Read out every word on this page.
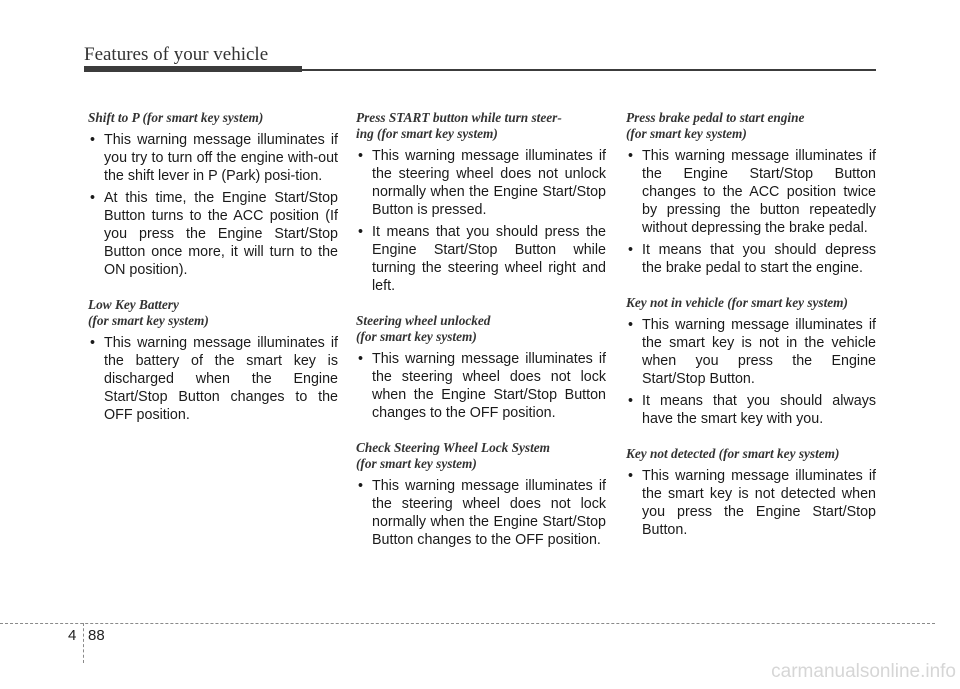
Features of your vehicle
Shift to P (for smart key system)
• This warning message illuminates if you try to turn off the engine with-out the shift lever in P (Park) posi-tion.
• At this time, the Engine Start/Stop Button turns to the ACC position (If you press the Engine Start/Stop Button once more, it will turn to the ON position).
Low Key Battery
(for smart key system)
• This warning message illuminates if the battery of the smart key is discharged when the Engine Start/Stop Button changes to the OFF position.
Press START button while turn steer-
ing (for smart key system)
• This warning message illuminates if the steering wheel does not unlock normally when the Engine Start/Stop Button is pressed.
• It means that you should press the Engine Start/Stop Button while turning the steering wheel right and left.
Steering wheel unlocked
(for smart key system)
• This warning message illuminates if the steering wheel does not lock when the Engine Start/Stop Button changes to the OFF position.
Check Steering Wheel Lock System
(for smart key system)
• This warning message illuminates if the steering wheel does not lock normally when the Engine Start/Stop Button changes to the OFF position.
Press brake pedal to start engine
(for smart key system)
• This warning message illuminates if the Engine Start/Stop Button changes to the ACC position twice by pressing the button repeatedly without depressing the brake pedal.
• It means that you should depress the brake pedal to start the engine.
Key not in vehicle (for smart key system)
• This warning message illuminates if the smart key is not in the vehicle when you press the Engine Start/Stop Button.
• It means that you should always have the smart key with you.
Key not detected (for smart key system)
• This warning message illuminates if the smart key is not detected when you press the Engine Start/Stop Button.
4 88
carmanualsonline.info
